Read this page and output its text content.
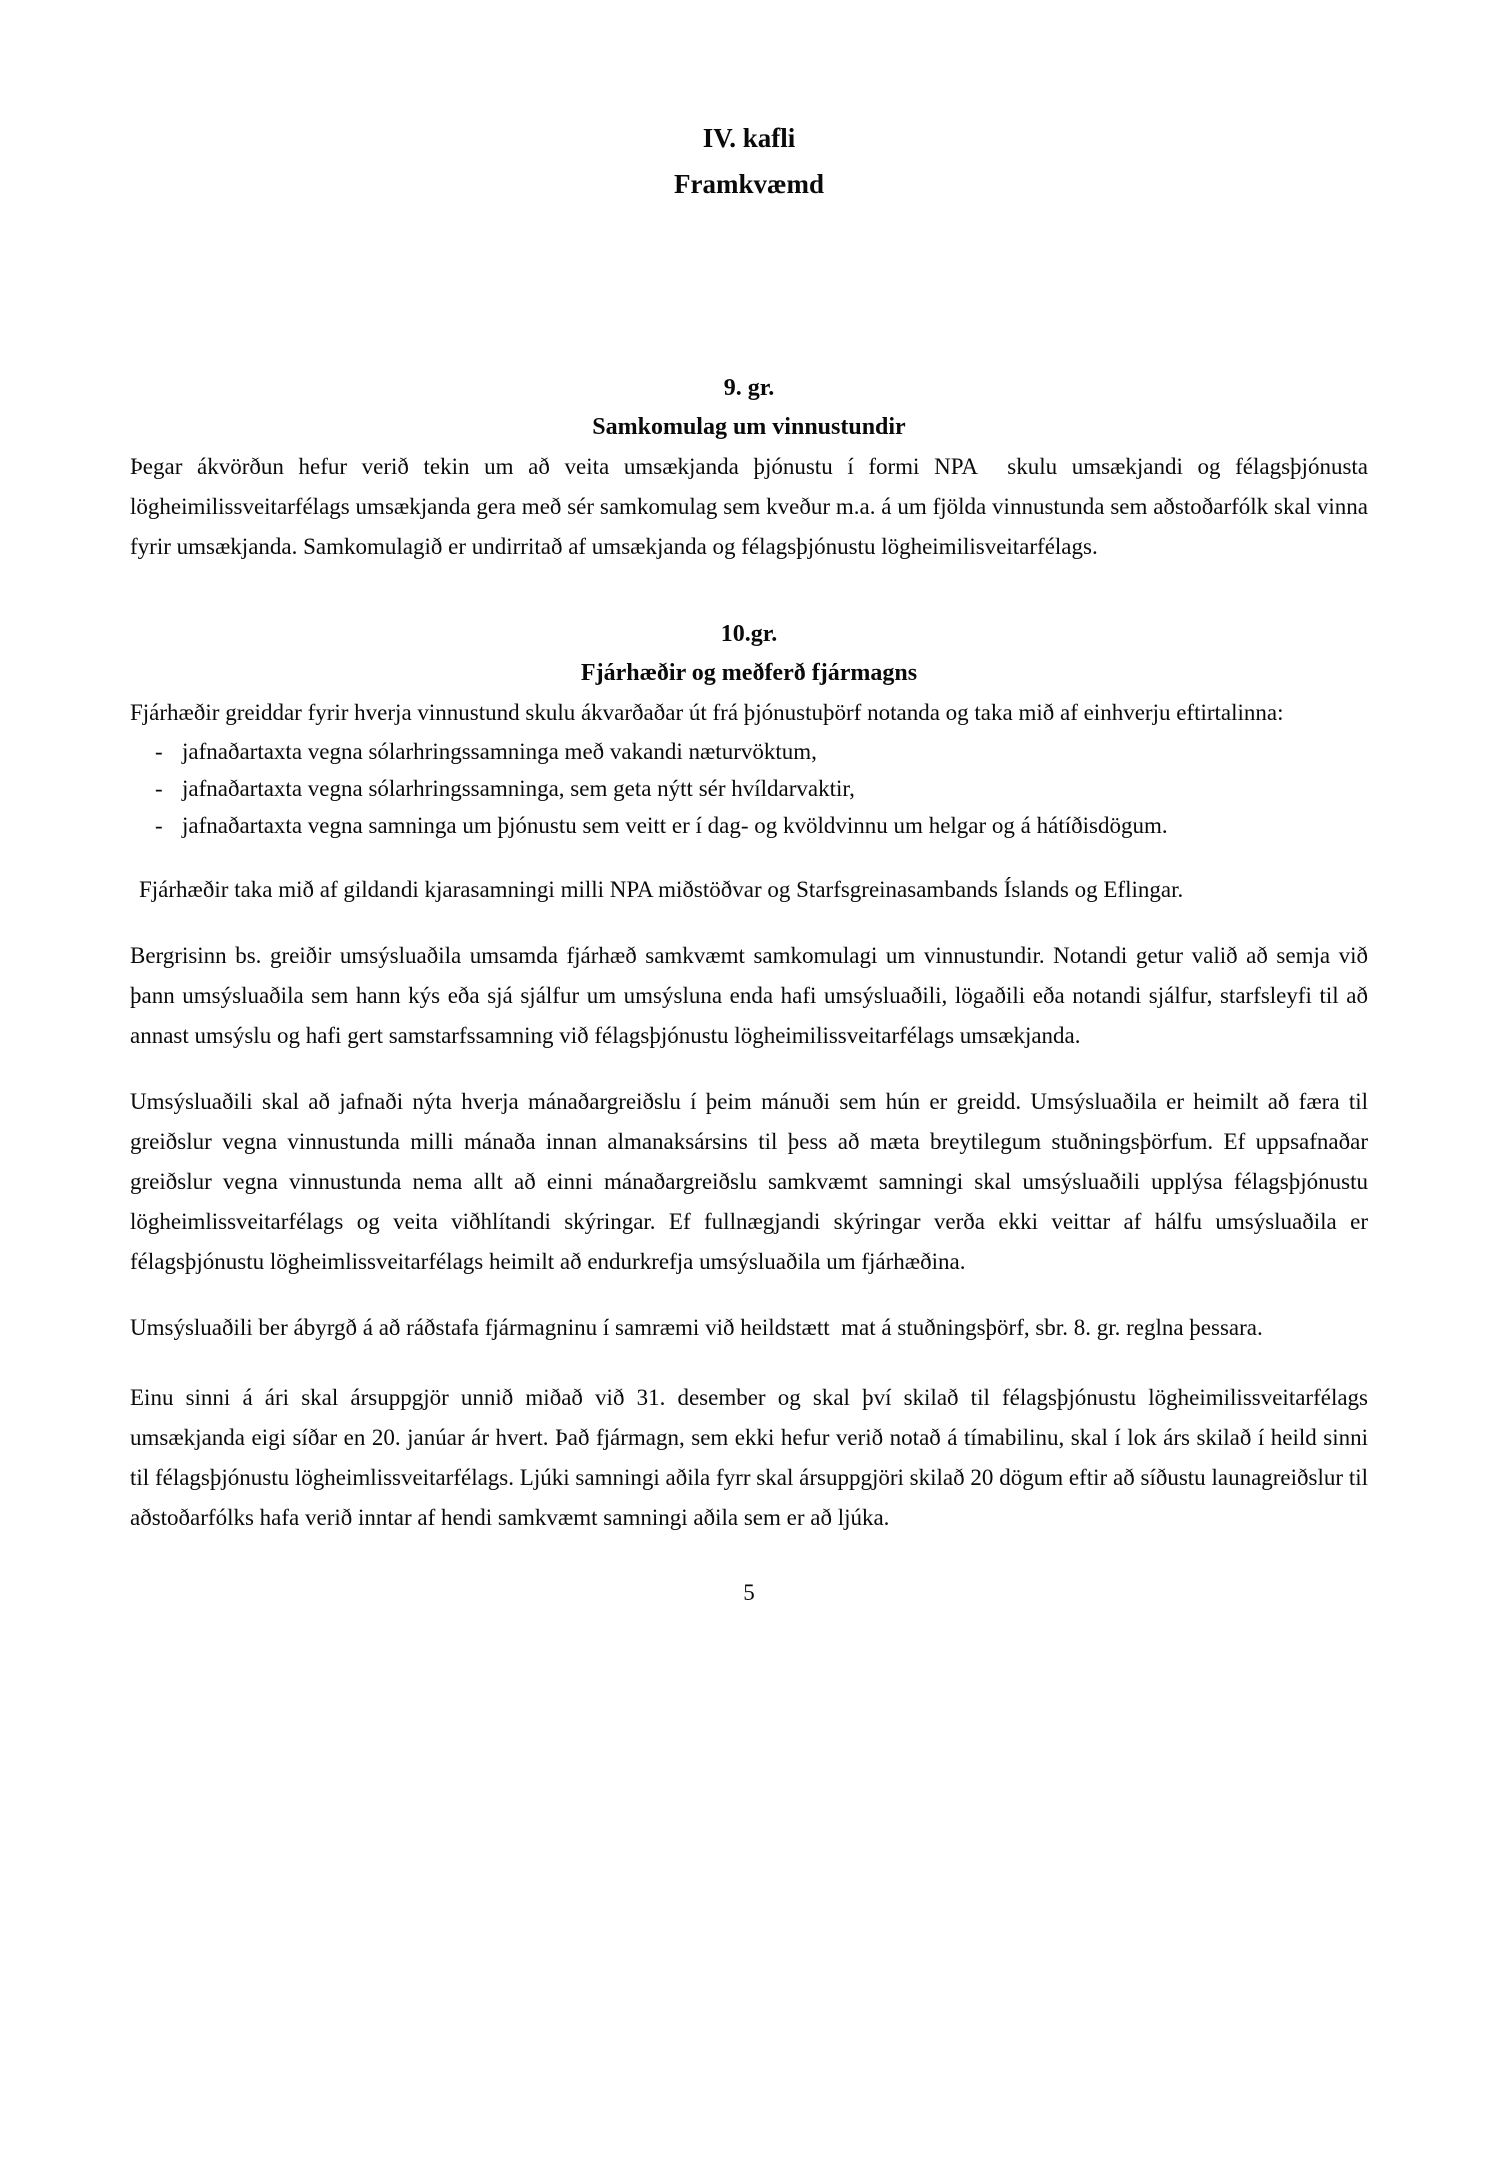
IV. kafli
Framkvæmd
9. gr.
Samkomulag um vinnustundir

Þegar ákvörðun hefur verið tekin um að veita umsækjanda þjónustu í formi NPA  skulu umsækjandi og félagsþjónusta lögheimilissveitarfélags umsækjanda gera með sér samkomulag sem kveður m.a. á um fjölda vinnustunda sem aðstoðarfólk skal vinna fyrir umsækjanda. Samkomulagið er undirritað af umsækjanda og félagsþjónustu lögheimilisveitarfélags.

10.gr.
Fjárhæðir og meðferð fjármagns

Fjárhæðir greiddar fyrir hverja vinnustund skulu ákvarðaðar út frá þjónustuþörf notanda og taka mið af einhverju eftirtalinna:

- jafnaðartaxta vegna sólarhringssamninga með vakandi næturvöktum,
- jafnaðartaxta vegna sólarhringssamninga, sem geta nýtt sér hvíldarvaktir,
- jafnaðartaxta vegna samninga um þjónustu sem veitt er í dag- og kvöldvinnu um helgar og á hátíðisdögum.

Fjárhæðir taka mið af gildandi kjarasamningi milli NPA miðstöðvar og Starfsgreinasambands Íslands og Eflingar.

Bergrisinn bs. greiðir umsýsluaðila umsamda fjárhæð samkvæmt samkomulagi um vinnustundir. Notandi getur valið að semja við þann umsýsluaðila sem hann kýs eða sjá sjálfur um umsýsluna enda hafi umsýsluaðili, lögaðili eða notandi sjálfur, starfsleyfi til að annast umsýslu og hafi gert samstarfssamning við félagsþjónustu lögheimilissveitarfélags umsækjanda.

Umsýsluaðili skal að jafnaði nýta hverja mánaðargreiðslu í þeim mánuði sem hún er greidd. Umsýsluaðila er heimilt að færa til greiðslur vegna vinnustunda milli mánaða innan almanaksársins til þess að mæta breytilegum stuðningsþörfum. Ef uppsafnaðar greiðslur vegna vinnustunda nema allt að einni mánaðargreiðslu samkvæmt samningi skal umsýsluaðili upplýsa félagsþjónustu lögheimlissveitarfélags og veita viðhlítandi skýringar. Ef fullnægjandi skýringar verða ekki veittar af hálfu umsýsluaðila er félagsþjónustu lögheimlissveitarfélags heimilt að endurkrefja umsýsluaðila um fjárhæðina.

Umsýsluaðili ber ábyrgð á að ráðstafa fjármagninu í samræmi við heildstætt  mat á stuðningsþörf, sbr. 8. gr. reglna þessara.

Einu sinni á ári skal ársuppgjör unnið miðað við 31. desember og skal því skilað til félagsþjónustu lögheimilissveitarfélags umsækjanda eigi síðar en 20. janúar ár hvert. Það fjármagn, sem ekki hefur verið notað á tímabilinu, skal í lok árs skilað í heild sinni til félagsþjónustu lögheimlissveitarfélags. Ljúki samningi aðila fyrr skal ársuppgjöri skilað 20 dögum eftir að síðustu launagreiðslur til aðstoðarfólks hafa verið inntar af hendi samkvæmt samningi aðila sem er að ljúka.

5
